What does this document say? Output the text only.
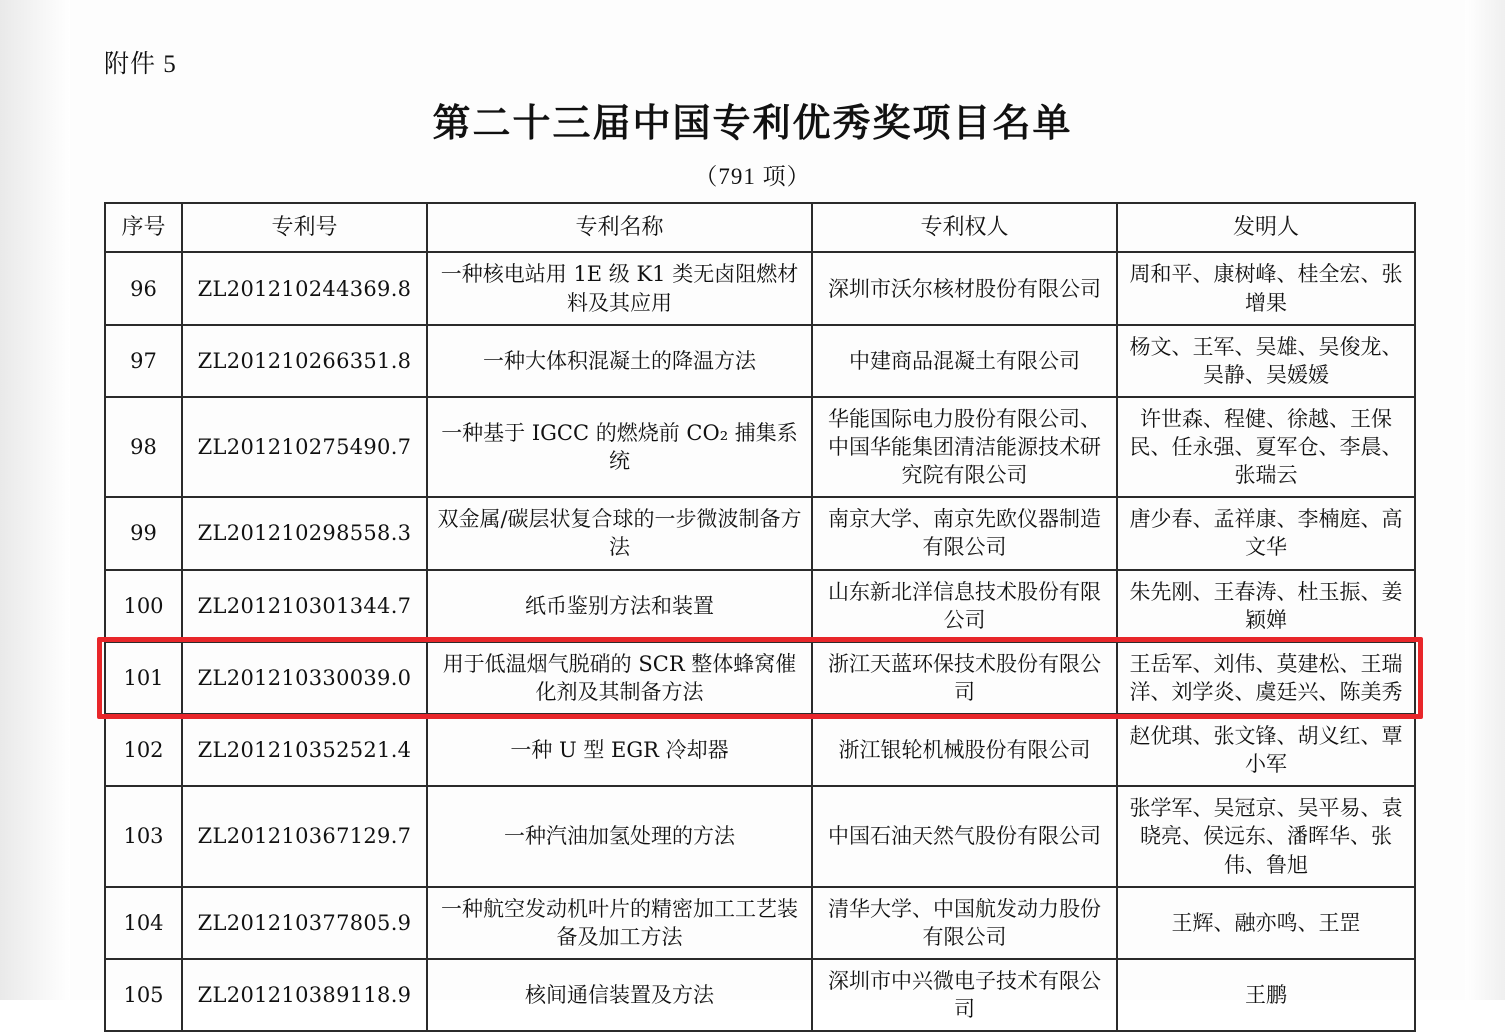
附件 5
第二十三届中国专利优秀奖项目名单
（791 项）
序号	专利号	专利名称	专利权人	发明人
96	ZL201210244369.8	一种核电站用 1E 级 K1 类无卤阻燃材料及其应用	深圳市沃尔核材股份有限公司	周和平、康树峰、桂全宏、张增果
97	ZL201210266351.8	一种大体积混凝土的降温方法	中建商品混凝土有限公司	杨文、王军、吴雄、吴俊龙、吴静、吴媛媛
98	ZL201210275490.7	一种基于 IGCC 的燃烧前 CO₂ 捕集系统	华能国际电力股份有限公司、中国华能集团清洁能源技术研究院有限公司	许世森、程健、徐越、王保民、任永强、夏军仓、李晨、张瑞云
99	ZL201210298558.3	双金属/碳层状复合球的一步微波制备方法	南京大学、南京先欧仪器制造有限公司	唐少春、孟祥康、李楠庭、高文华
100	ZL201210301344.7	纸币鉴别方法和装置	山东新北洋信息技术股份有限公司	朱先刚、王春涛、杜玉振、姜颖婵
101	ZL201210330039.0	用于低温烟气脱硝的 SCR 整体蜂窝催化剂及其制备方法	浙江天蓝环保技术股份有限公司	王岳军、刘伟、莫建松、王瑞洋、刘学炎、虞廷兴、陈美秀
102	ZL201210352521.4	一种 U 型 EGR 冷却器	浙江银轮机械股份有限公司	赵优琪、张文锋、胡义红、覃小军
103	ZL201210367129.7	一种汽油加氢处理的方法	中国石油天然气股份有限公司	张学军、吴冠京、吴平易、袁晓亮、侯远东、潘晖华、张伟、鲁旭
104	ZL201210377805.9	一种航空发动机叶片的精密加工工艺装备及加工方法	清华大学、中国航发动力股份有限公司	王辉、融亦鸣、王罡
105	ZL201210389118.9	核间通信装置及方法	深圳市中兴微电子技术有限公司	王鹏
